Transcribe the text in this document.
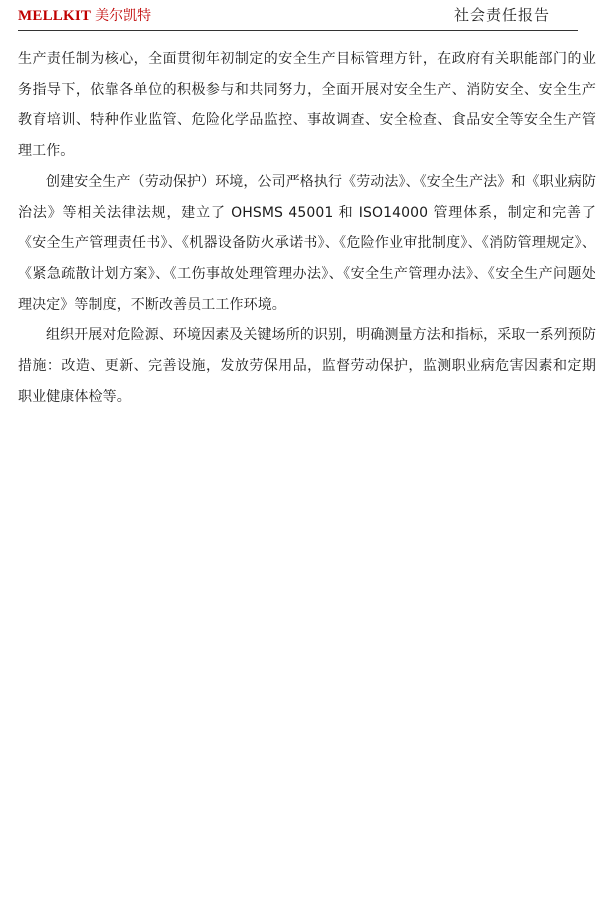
MELLKIT 美尔凯特	社会责任报告

生产责任制为核心，全面贯彻年初制定的安全生产目标管理方针，在政府有关职能部门的业务指导下，依靠各单位的积极参与和共同努力，全面开展对安全生产、消防安全、安全生产教育培训、特种作业监管、危险化学品监控、事故调查、安全检查、食品安全等安全生产管理工作。

创建安全生产（劳动保护）环境，公司严格执行《劳动法》、《安全生产法》和《职业病防治法》等相关法律法规，建立了 OHSMS 45001 和 ISO14000 管理体系，制定和完善了《安全生产管理责任书》、《机器设备防火承诺书》、《危险作业审批制度》、《消防管理规定》、《紧急疏散计划方案》、《工伤事故处理管理办法》、《安全生产管理办法》、《安全生产问题处理决定》等制度，不断改善员工工作环境。

组织开展对危险源、环境因素及关键场所的识别，明确测量方法和指标，采取一系列预防措施：改造、更新、完善设施，发放劳保用品，监督劳动保护，监测职业病危害因素和定期职业健康体检等。
